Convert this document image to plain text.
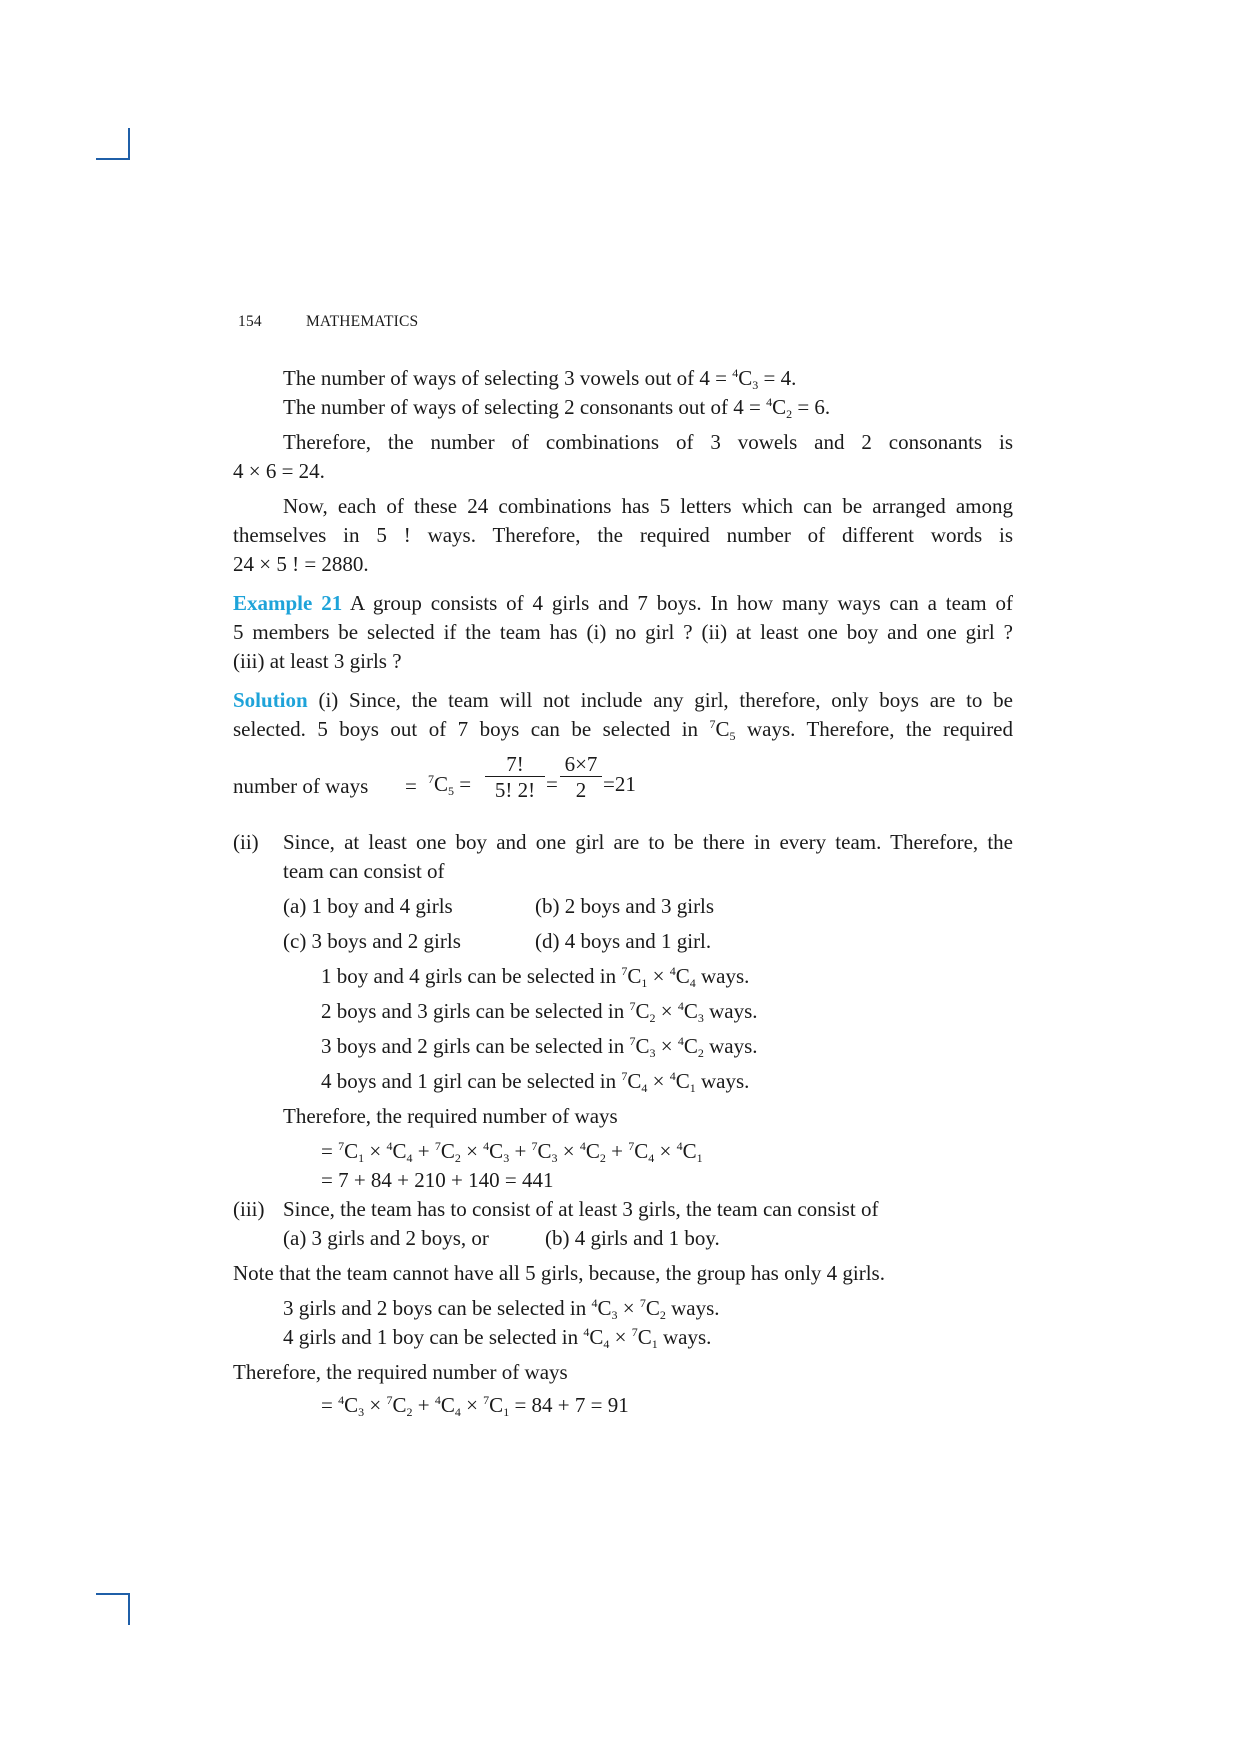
154	MATHEMATICS
The number of ways of selecting 3 vowels out of $4 = ^4C_3 = 4$.
The number of ways of selecting 2 consonants out of $4 = ^4C_2 = 6$.
Therefore, the number of combinations of 3 vowels and 2 consonants is
4 × 6 = 24.
Now, each of these 24 combinations has 5 letters which can be arranged among
themselves in 5 ! ways. Therefore, the required number of different words is
24 × 5 ! = 2880.
Example 21 A group consists of 4 girls and 7 boys. In how many ways can a team of
5 members be selected if the team has (i) no girl ? (ii) at least one boy and one girl ?
(iii) at least 3 girls ?
Solution (i) Since, the team will not include any girl, therefore, only boys are to be
selected. 5 boys out of 7 boys can be selected in $^7C_5$ ways. Therefore, the required
number of ways = $^7C_5$ =
7!
5! 2! =
6×7
2 =21
(ii) Since, at least one boy and one girl are to be there in every team. Therefore, the
team can consist of
(a) 1 boy and 4 girls	(b) 2 boys and 3 girls
(c) 3 boys and 2 girls	(d) 4 boys and 1 girl.
1 boy and 4 girls can be selected in $^7C_1 \times ^4C_4$ ways.
2 boys and 3 girls can be selected in $^7C_2 \times ^4C_3$ ways.
3 boys and 2 girls can be selected in $^7C_3 \times ^4C_2$ ways.
4 boys and 1 girl can be selected in $^7C_4 \times ^4C_1$ ways.
Therefore, the required number of ways
= $^7C_1 \times ^4C_4 + ^7C_2 \times ^4C_3 + ^7C_3 \times ^4C_2 + ^7C_4 \times ^4C_1$
= 7 + 84 + 210 + 140 = 441
(iii) Since, the team has to consist of at least 3 girls, the team can consist of
(a) 3 girls and 2 boys, or	(b) 4 girls and 1 boy.
Note that the team cannot have all 5 girls, because, the group has only 4 girls.
3 girls and 2 boys can be selected in $^4C_3 \times ^7C_2$ ways.
4 girls and 1 boy can be selected in $^4C_4 \times ^7C_1$ ways.
Therefore, the required number of ways
= $^4C_3 \times ^7C_2 + ^4C_4 \times ^7C_1 = 84 + 7 = 91$
